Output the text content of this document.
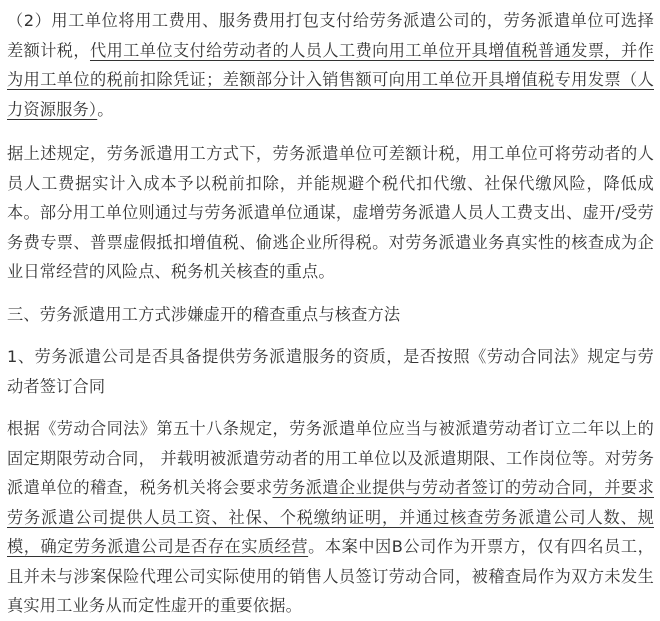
（2）用工单位将用工费用、服务费用打包支付给劳务派遣公司的，劳务派遣单位可选择差额计税，代用工单位支付给劳动者的人员人工费向用工单位开具增值税普通发票，并作为用工单位的税前扣除凭证；差额部分计入销售额可向用工单位开具增值税专用发票（人力资源服务）。

据上述规定，劳务派遣用工方式下，劳务派遣单位可差额计税，用工单位可将劳动者的人员人工费据实计入成本予以税前扣除，并能规避个税代扣代缴、社保代缴风险，降低成本。部分用工单位则通过与劳务派遣单位通谋，虚增劳务派遣人员人工费支出、虚开/受劳务费专票、普票虚假抵扣增值税、偷逃企业所得税。对劳务派遣业务真实性的核查成为企业日常经营的风险点、税务机关核查的重点。

三、劳务派遣用工方式涉嫌虚开的稽查重点与核查方法

1、劳务派遣公司是否具备提供劳务派遣服务的资质，是否按照《劳动合同法》规定与劳动者签订合同

根据《劳动合同法》第五十八条规定，劳务派遣单位应当与被派遣劳动者订立二年以上的固定期限劳动合同， 并载明被派遣劳动者的用工单位以及派遣期限、工作岗位等。对劳务派遣单位的稽查，税务机关将会要求劳务派遣企业提供与劳动者签订的劳动合同，并要求劳务派遣公司提供人员工资、社保、个税缴纳证明，并通过核查劳务派遣公司人数、规模，确定劳务派遣公司是否存在实质经营。本案中因B公司作为开票方，仅有四名员工，且并未与涉案保险代理公司实际使用的销售人员签订劳动合同，被稽查局作为双方未发生真实用工业务从而定性虚开的重要依据。
